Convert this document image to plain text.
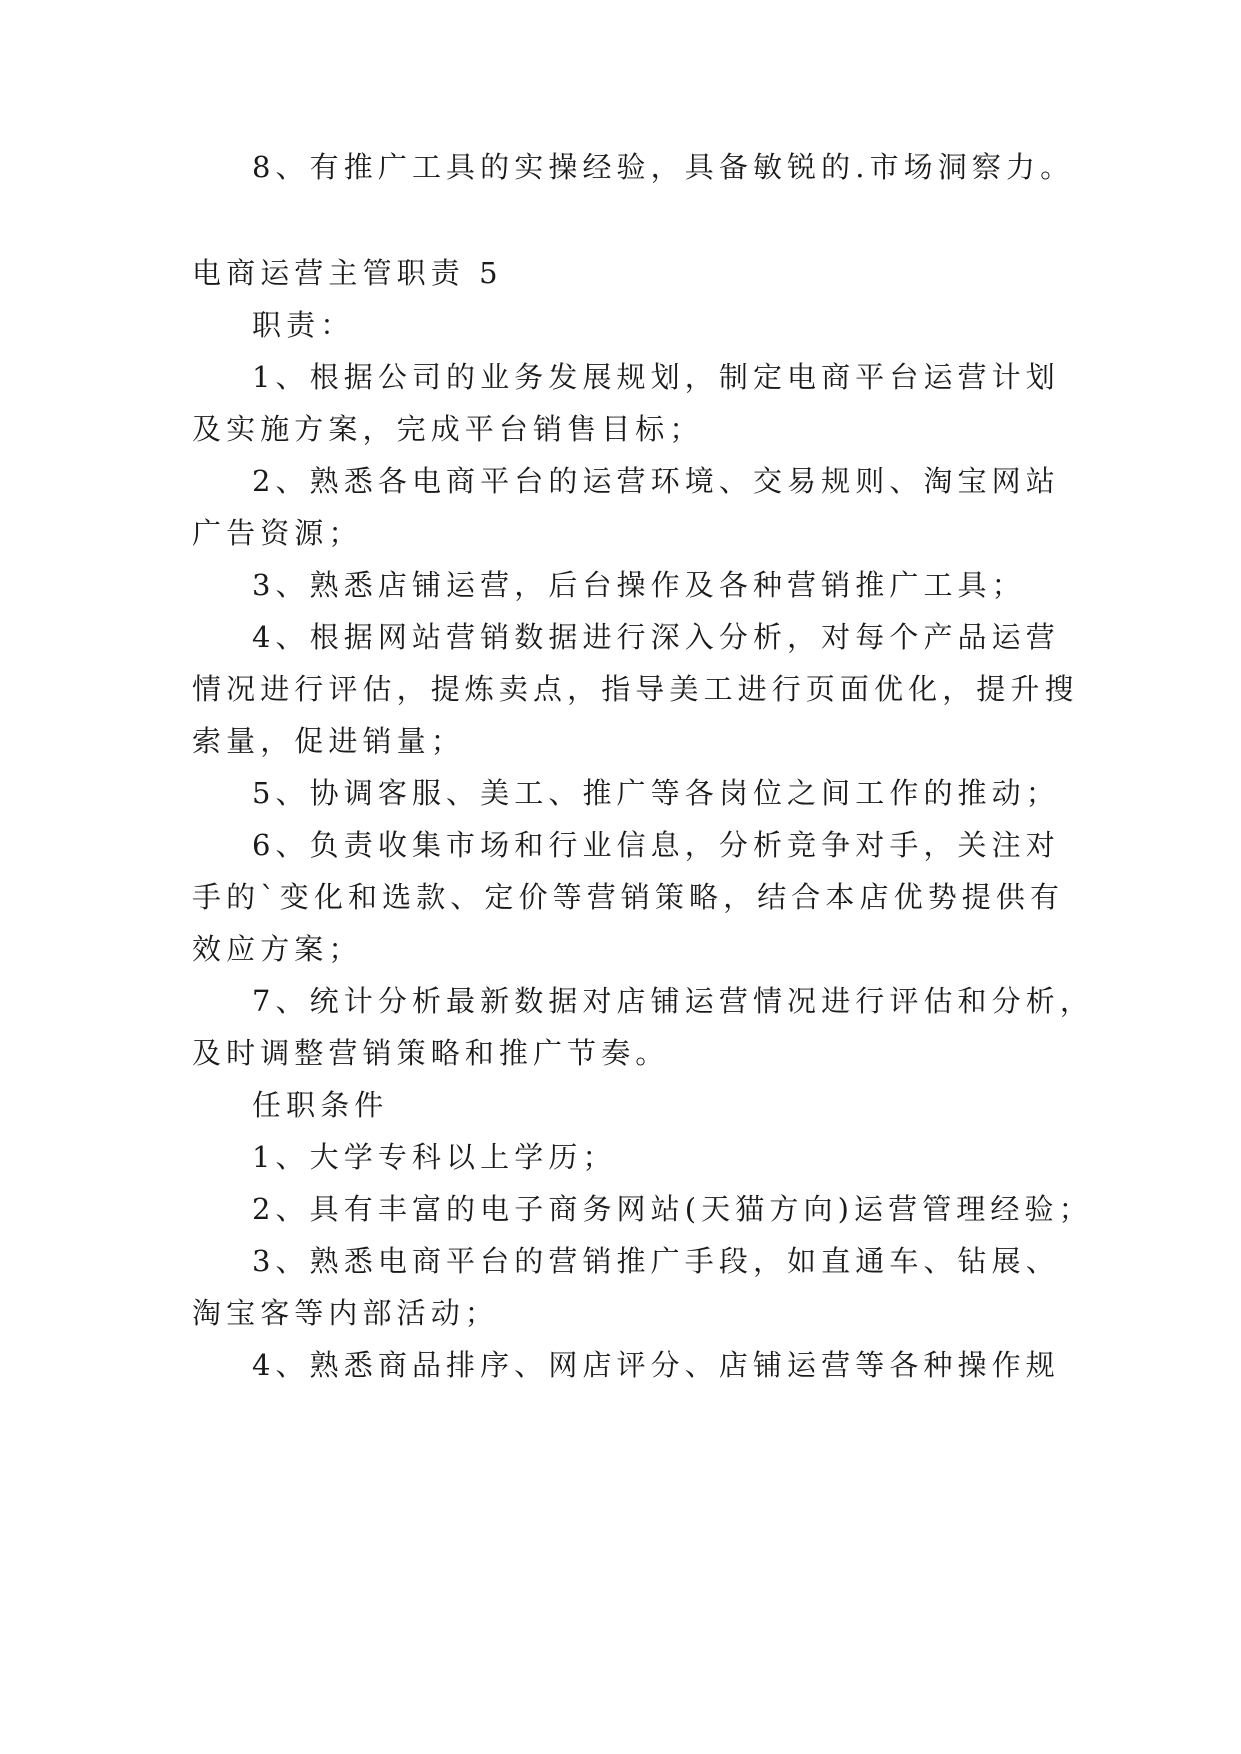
8、有推广工具的实操经验，具备敏锐的.市场洞察力。
电商运营主管职责 5
职责：
1、根据公司的业务发展规划，制定电商平台运营计划
及实施方案，完成平台销售目标；
2、熟悉各电商平台的运营环境、交易规则、淘宝网站
广告资源；
3、熟悉店铺运营，后台操作及各种营销推广工具；
4、根据网站营销数据进行深入分析，对每个产品运营
情况进行评估，提炼卖点，指导美工进行页面优化，提升搜
索量，促进销量；
5、协调客服、美工、推广等各岗位之间工作的推动；
6、负责收集市场和行业信息，分析竞争对手，关注对
手的`变化和选款、定价等营销策略，结合本店优势提供有
效应方案；
7、统计分析最新数据对店铺运营情况进行评估和分析，
及时调整营销策略和推广节奏。
任职条件
1、大学专科以上学历；
2、具有丰富的电子商务网站(天猫方向)运营管理经验；
3、熟悉电商平台的营销推广手段，如直通车、钻展、
淘宝客等内部活动；
4、熟悉商品排序、网店评分、店铺运营等各种操作规
